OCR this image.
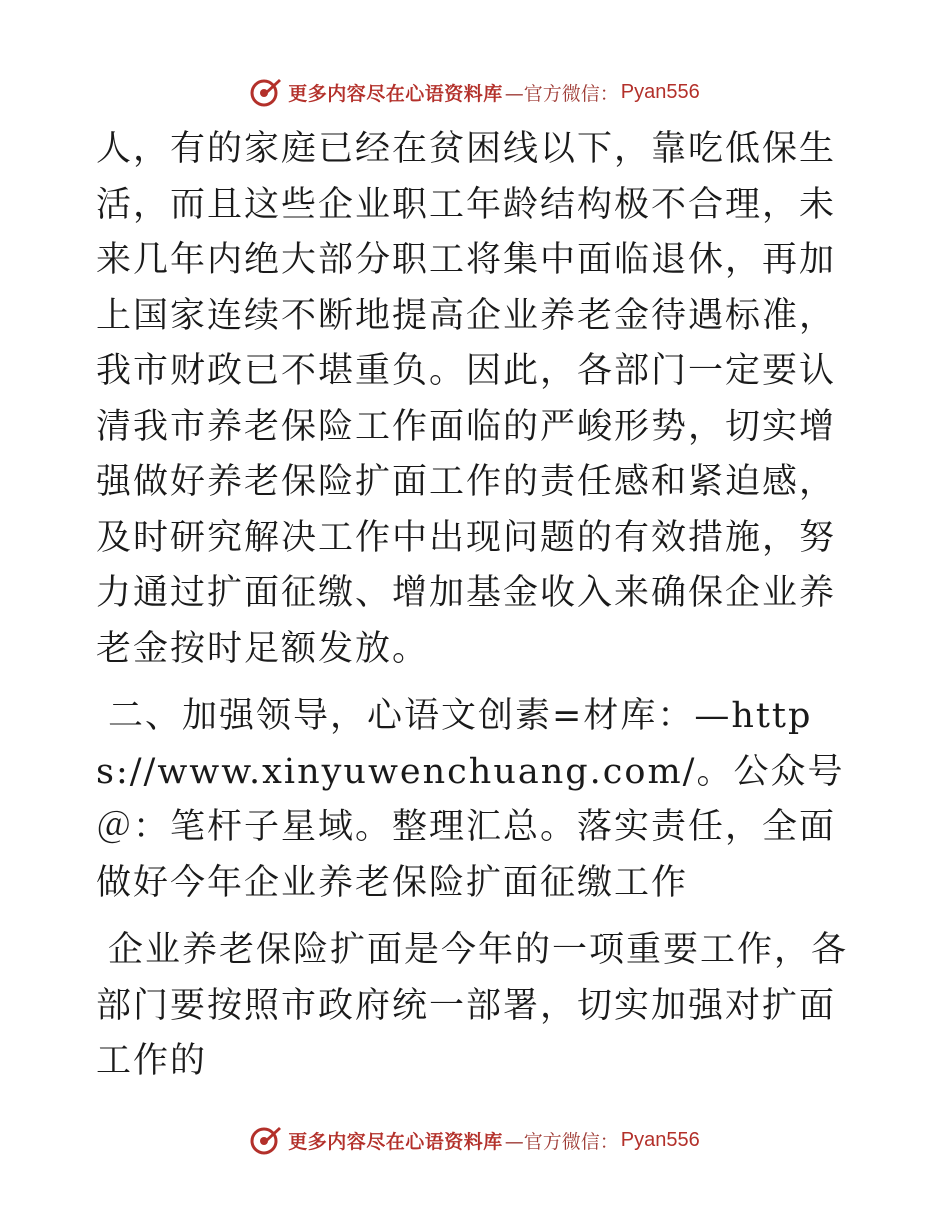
更多内容尽在心语资料库 —官方微信： Pyan556

人，有的家庭已经在贫困线以下，靠吃低保生活，而且这些企业职工年龄结构极不合理，未来几年内绝大部分职工将集中面临退休，再加上国家连续不断地提高企业养老金待遇标准，我市财政已不堪重负。因此，各部门一定要认清我市养老保险工作面临的严峻形势，切实增强做好养老保险扩面工作的责任感和紧迫感，及时研究解决工作中出现问题的有效措施，努力通过扩面征缴、增加基金收入来确保企业养老金按时足额发放。

二、加强领导，心语文创素=材库：—https://www.xinyuwenchuang.com/。公众号＠：笔杆子星域。整理汇总。落实责任，全面做好今年企业养老保险扩面征缴工作

企业养老保险扩面是今年的一项重要工作，各部门要按照市政府统一部署，切实加强对扩面工作的

更多内容尽在心语资料库 —官方微信： Pyan556
